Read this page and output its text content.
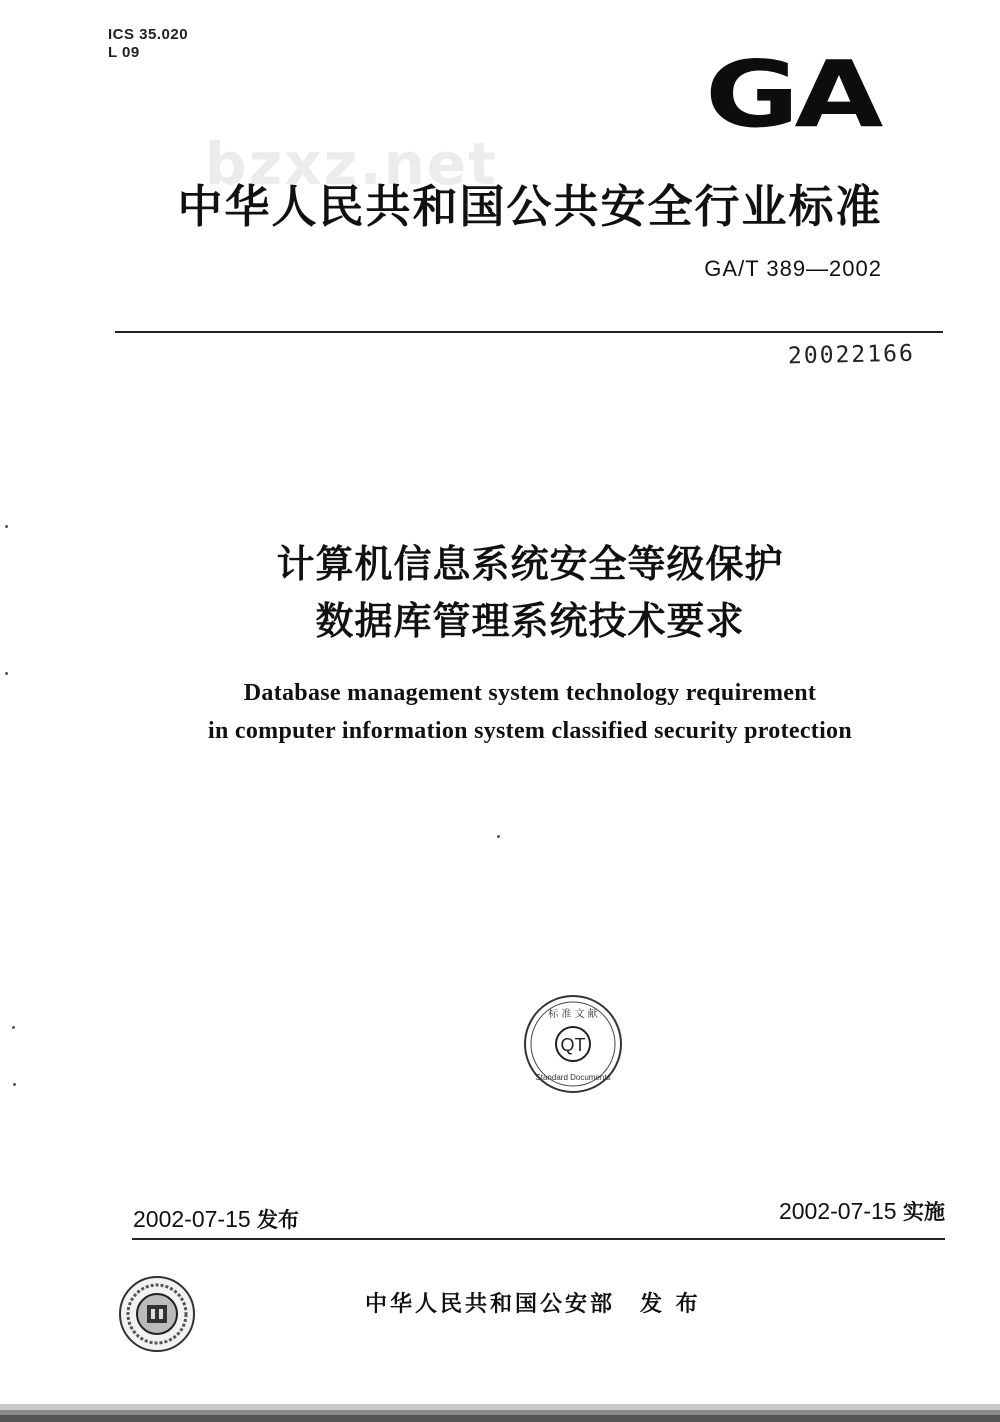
ICS 35.020
L 09	GA
bzxz.net
中华人民共和国公共安全行业标准
GA/T 389—2002
20022166
计算机信息系统安全等级保护
数据库管理系统技术要求
Database management system technology requirement
in computer information system classified security protection
QT
标 准 文 献
Standard Documents
2002-07-15 发布	2002-07-15 实施
中华人民共和国公安部　发 布
